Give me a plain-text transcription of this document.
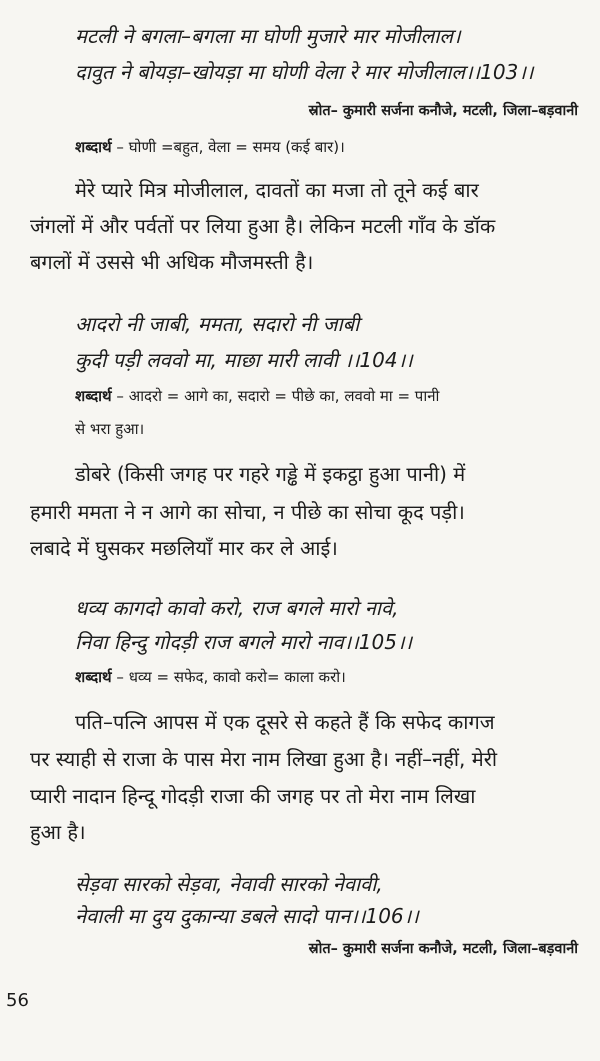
मटली ने बगला–बगला मा घोणी मुजारे मार मोजीलाल।
दावुत ने बोयड़ा–खोयड़ा मा घोणी वेला रे मार मोजीलाल।।103।।
स्रोत– कुमारी सर्जना कनौजे, मटली, जिला–बड़वानी
शब्दार्थ – घोणी =बहुत, वेला = समय (कई बार)।
मेरे प्यारे मित्र मोजीलाल, दावतों का मजा तो तूने कई बार
जंगलों में और पर्वतों पर लिया हुआ है। लेकिन मटली गाँव के डॉक
बगलों में उससे भी अधिक मौजमस्ती है।
आदरो नी जाबी, ममता, सदारो नी जाबी
कुदी पड़ी लववो मा, माछा मारी लावी ।।104।।
शब्दार्थ – आदरो = आगे का, सदारो = पीछे का, लववो मा = पानी
से भरा हुआ।
डोबरे (किसी जगह पर गहरे गड्ढे में इकट्ठा हुआ पानी) में
हमारी ममता ने न आगे का सोचा, न पीछे का सोचा कूद पड़ी।
लबादे में घुसकर मछलियाँ मार कर ले आई।
धव्य कागदो कावो करो, राज बगले मारो नावे,
निवा हिन्दु गोदड़ी राज बगले मारो नाव।।105।।
शब्दार्थ – धव्य = सफेद, कावो करो= काला करो।
पति–पत्नि आपस में एक दूसरे से कहते हैं कि सफेद कागज
पर स्याही से राजा के पास मेरा नाम लिखा हुआ है। नहीं–नहीं, मेरी
प्यारी नादान हिन्दू गोदड़ी राजा की जगह पर तो मेरा नाम लिखा
हुआ है।
सेड़वा सारको सेड़वा, नेवावी सारको नेवावी,
नेवाली मा दुय दुकान्या डबले सादो पान।।106।।
स्रोत– कुमारी सर्जना कनौजे, मटली, जिला–बड़वानी
56
